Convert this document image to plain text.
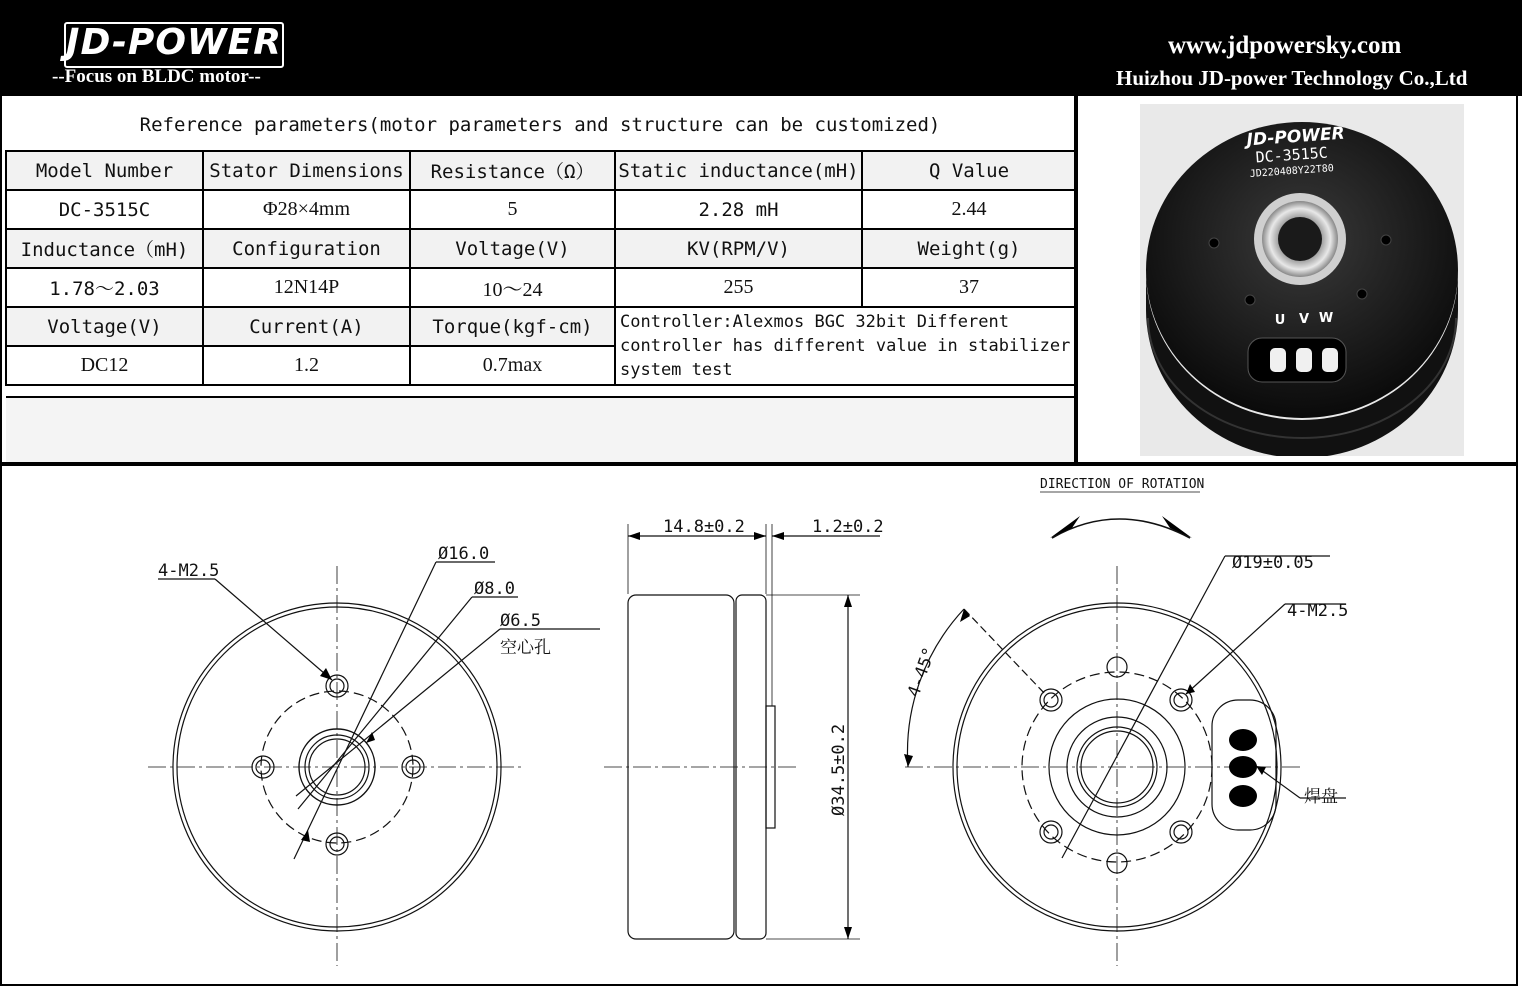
JD-POWER
--Focus on BLDC motor--
www.jdpowersky.com
Huizhou JD-power Technology Co.,Ltd
Reference parameters(motor parameters and structure can be customized)
Model Number	Stator Dimensions	Resistance（Ω）	Static inductance(mH)	Q Value
DC-3515C	Φ28×4mm	5	2.28 mH	2.44
Inductance（mH)	Configuration	Voltage(V)	KV(RPM/V)	Weight(g)
1.78～2.03	12N14P	10～24	255	37
Voltage(V)	Current(A)	Torque(kgf-cm)	Controller:Alexmos BGC 32bit Different controller has different value in stabilizer system test	
DC12	1.2	0.7max		
U V W
JD-POWER
DC-3515C
JD220408Y22T80
4-M2.5
Ø16.0
Ø8.0
Ø6.5
空心孔
14.8±0.2	1.2±0.2
Ø34.5±0.2
DIRECTION OF ROTATION
Ø19±0.05
4-M2.5
4-45°
焊盘
